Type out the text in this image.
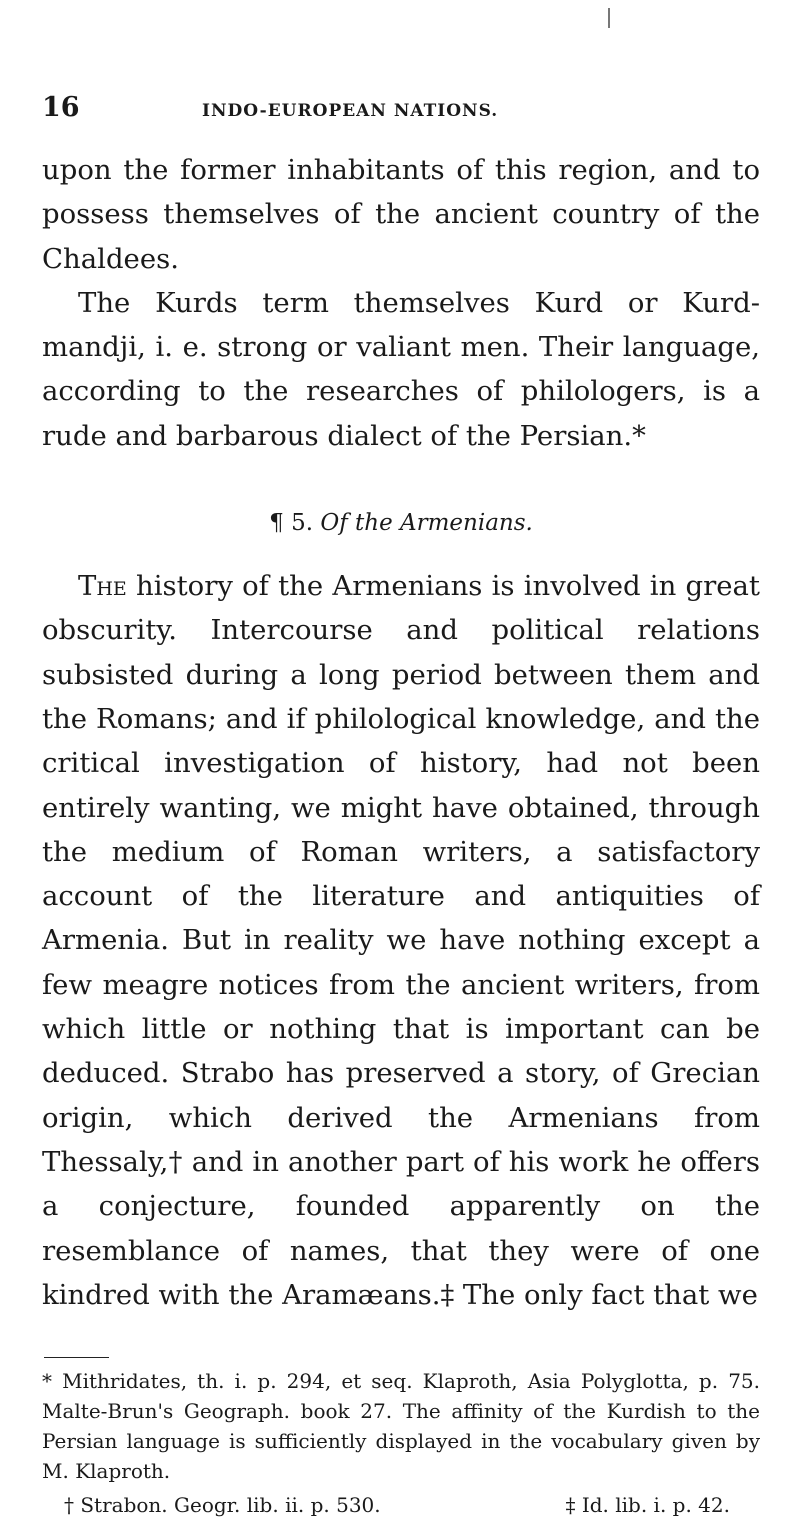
16	INDO-EUROPEAN NATIONS.

upon the former inhabitants of this region, and to possess themselves of the ancient country of the Chaldees.

The Kurds term themselves Kurd or Kurd-mandji, i. e. strong or valiant men. Their language, according to the researches of philologers, is a rude and barbarous dialect of the Persian.*

¶ 5. Of the Armenians.

The history of the Armenians is involved in great obscurity. Intercourse and political relations subsisted during a long period between them and the Romans; and if philological knowledge, and the critical investigation of history, had not been entirely wanting, we might have obtained, through the medium of Roman writers, a satisfactory account of the literature and antiquities of Armenia. But in reality we have nothing except a few meagre notices from the ancient writers, from which little or nothing that is important can be deduced. Strabo has preserved a story, of Grecian origin, which derived the Armenians from Thessaly,† and in another part of his work he offers a conjecture, founded apparently on the resemblance of names, that they were of one kindred with the Aramæans.‡ The only fact that we

* Mithridates, th. i. p. 294, et seq. Klaproth, Asia Polyglotta, p. 75. Malte-Brun's Geograph. book 27. The affinity of the Kurdish to the Persian language is sufficiently displayed in the vocabulary given by M. Klaproth.

† Strabon. Geogr. lib. ii. p. 530.	‡ Id. lib. i. p. 42.
